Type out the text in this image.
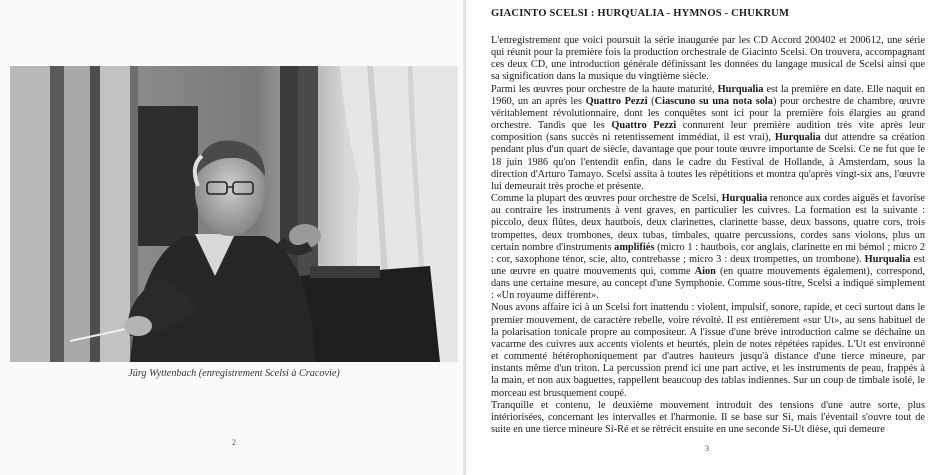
Jürg Wyttenbach (enregistrement Scelsi à Cracovie)
2
GIACINTO SCELSI : HURQUALIA - HYMNOS - CHUKRUM

L'enregistrement que voici poursuit la série inaugurée par les CD Accord 200402 et 200612, une série qui réunit pour la première fois la production orchestrale de Giacinto Scelsi. On trouvera, accompagnant ces deux CD, une introduction générale définissant les données du langage musical de Scelsi ainsi que sa signification dans la musique du vingtième siècle.

Parmi les œuvres pour orchestre de la haute maturité, Hurqualia est la première en date. Elle naquit en 1960, un an après les Quattro Pezzi (Ciascuno su una nota sola) pour orchestre de chambre, œuvre véritablement révolutionnaire, dont les conquêtes sont ici pour la première fois élargies au grand orchestre. Tandis que les Quattro Pezzi connurent leur première audition très vite après leur composition (sans succès ni retentissement immédiat, il est vrai), Hurqualia dut attendre sa création pendant plus d'un quart de siècle, davantage que pour toute œuvre importante de Scelsi. Ce ne fut que le 18 juin 1986 qu'on l'entendit enfin, dans le cadre du Festival de Hollande, à Amsterdam, sous la direction d'Arturo Tamayo. Scelsi assita à toutes les répétitions et montra qu'après vingt-six ans, l'œuvre lui demeurait très proche et présente.

Comme la plupart des œuvres pour orchestre de Scelsi, Hurqualia renonce aux cordes aiguës et favorise au contraire les instruments à vent graves, en particulier les cuivres. La formation est la suivante : piccolo, deux flûtes, deux hautbois, deux clarinettes, clarinette basse, deux bassons, quatre cors, trois trompettes, deux trombones, deux tubas, timbales, quatre percussions, cordes sans violons, plus un certain nombre d'instruments amplifiés (micro 1 : hautbois, cor anglais, clarinette en mi bémol ; micro 2 : cor, saxophone ténor, scie, alto, contrebasse ; micro 3 : deux trompettes, un trombone). Hurqualia est une œuvre en quatre mouvements qui, comme Aion (en quatre mouvements également), correspond, dans une certaine mesure, au concept d'une Symphonie. Comme sous-titre, Scelsi a indiqué simplement : «Un royaume différent».

Nous avons affaire ici à un Scelsi fort inattendu : violent, impulsif, sonore, rapide, et ceci surtout dans le premier mouvement, de caractère rebelle, voire révolté. Il est entièrement «sur Ut», au sens habituel de la polarisation tonicale propre au compositeur. A l'issue d'une brève introduction calme se déchaîne un vacarme des cuivres aux accents violents et heurtés, plein de notes répétées rapides. L'Ut est environné et commenté hétérophoniquement par d'autres hauteurs jusqu'à distance d'une tierce mineure, par instants même d'un triton. La percussion prend ici une part active, et les instruments de peau, frappés à la main, et non aux baguettes, rappellent beaucoup des tablas indiennes. Sur un coup de timbale isolé, le morceau est brusquement coupé.

Tranquille et contenu, le deuxième mouvement introduit des tensions d'une autre sorte, plus intériorisées, concernant les intervalles et l'harmonie. Il se base sur Si, mais l'éventail s'ouvre tout de suite en une tierce mineure Si-Ré et se rétrécit ensuite en une seconde Si-Ut dièse, qui demeure

3
